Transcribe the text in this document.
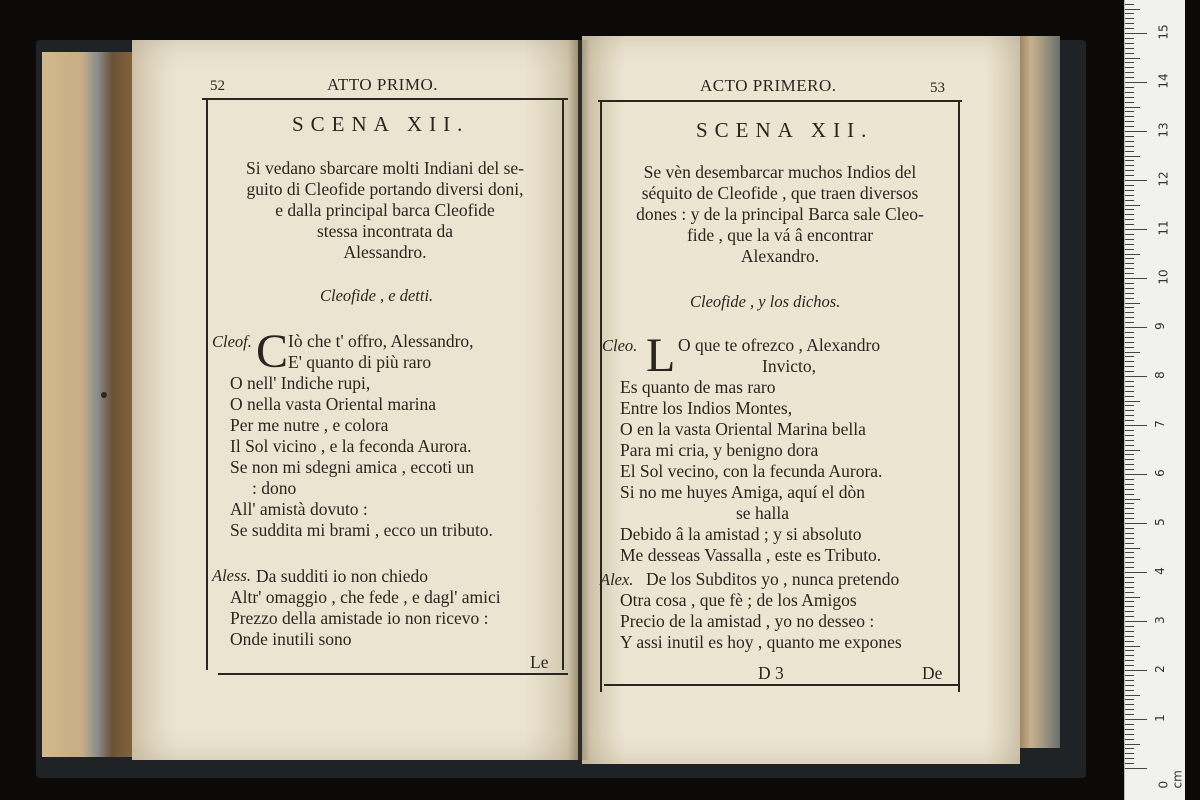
52	ATTO PRIMO.
SCENA XII.
Si vedano sbarcare molti Indiani del se-
guito di Cleofide portando diversi doni,
e dalla principal barca Cleofide
stessa incontrata da
Alessandro.
Cleofide , e detti.
Cleof. C Iò che t' offro, Alessandro,
E' quanto di più raro
O nell' Indiche rupi,
O nella vasta Oriental marina
Per me nutre , e colora
Il Sol vicino , e la feconda Aurora.
Se non mi sdegni amica , eccoti un
: dono
All' amistà dovuto :
Se suddita mi brami , ecco un tributo.
Aless. Da sudditi io non chiedo
Altr' omaggio , che fede , e dagl' amici
Prezzo della amistade io non ricevo :
Onde inutili sono
Le
ACTO PRIMERO.	53
SCENA XII.
Se vèn desembarcar muchos Indios del
séquito de Cleofide , que traen diversos
dones : y de la principal Barca sale Cleo-
fide , que la vá â encontrar
Alexandro.
Cleofide , y los dichos.
Cleo. L O que te ofrezco , Alexandro
Invicto,
Es quanto de mas raro
Entre los Indios Montes,
O en la vasta Oriental Marina bella
Para mi cria, y benigno dora
El Sol vecino, con la fecunda Aurora.
Si no me huyes Amiga, aquí el dòn
se halla
Debido â la amistad ; y si absoluto
Me desseas Vassalla , este es Tributo.
Alex. De los Subditos yo , nunca pretendo
Otra cosa , que fè ; de los Amigos
Precio de la amistad , yo no desseo :
Y assi inutil es hoy , quanto me expones
D 3	De
0 cm
1
2
3
4
5
6
7
8
9
10
11
12
13
14
15
